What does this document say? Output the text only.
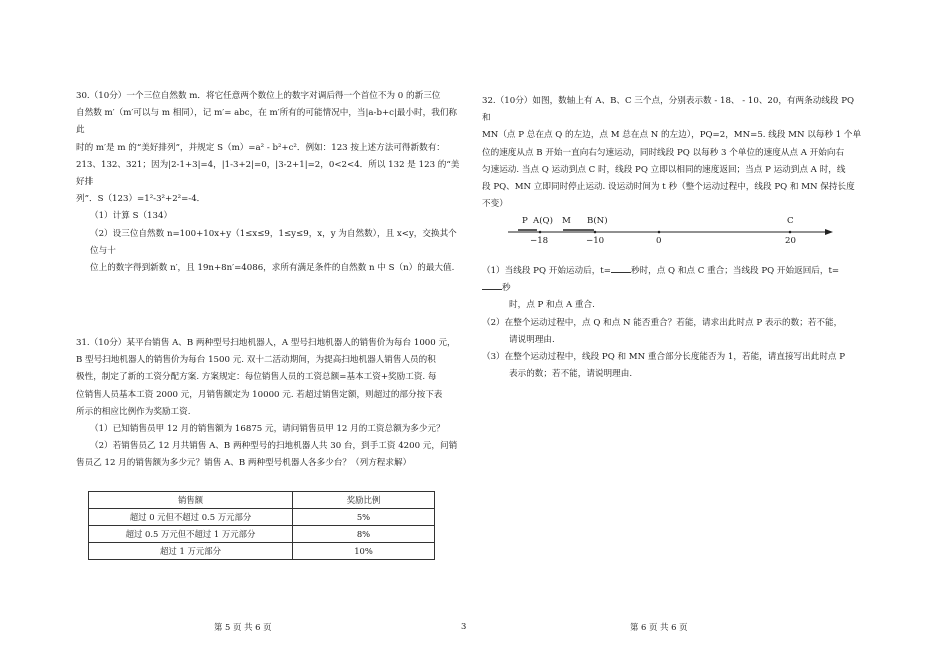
30.（10分）一个三位自然数 m．将它任意两个数位上的数字对调后得一个首位不为 0 的新三位

自然数 m′（m′可以与 m 相同），记 m′= abc，在 m′所有的可能情况中，当|a-b+c|最小时，我们称此

时的 m′是 m 的“美好排列”，并规定 S（m）=a² - b²+c²．例如：123 按上述方法可得新数有：

213、132、321；因为|2-1+3|=4，|1-3+2|=0，|3-2+1|=2，0<2<4．所以 132 是 123 的“美好排

列”．S（123）=1²-3²+2²=-4．

（1）计算 S（134）

（2）设三位自然数 n=100+10x+y（1≤x≤9，1≤y≤9，x，y 为自然数），且 x<y，交换其个位与十

位上的数字得到新数 n′，且 19n+8n′=4086，求所有满足条件的自然数 n 中 S（n）的最大值.

31.（10分）某平台销售 A、B 两种型号扫地机器人，A 型号扫地机器人的销售价为每台 1000 元，

B 型号扫地机器人的销售价为每台 1500 元. 双十二活动期间，为提高扫地机器人销售人员的积

极性，制定了新的工资分配方案. 方案规定：每位销售人员的工资总额=基本工资+奖励工资. 每

位销售人员基本工资 2000 元，月销售额定为 10000 元. 若超过销售定额，则超过的部分按下表

所示的相应比例作为奖励工资.

（1）已知销售员甲 12 月的销售额为 16875 元，请问销售员甲 12 月的工资总额为多少元？

（2）若销售员乙 12 月共销售 A、B 两种型号的扫地机器人共 30 台，到手工资 4200 元，问销

售员乙 12 月的销售额为多少元？销售 A、B 两种型号机器人各多少台？（列方程求解）

销售额	奖励比例
超过 0 元但不超过 0.5 万元部分	5%
超过 0.5 万元但不超过 1 万元部分	8%
超过 1 万元部分	10%
第 5 页 共 6 页	3

32.（10分）如图，数轴上有 A、B、C 三个点，分别表示数 - 18、 - 10、20，有两条动线段 PQ 和

MN（点 P 总在点 Q 的左边，点 M 总在点 N 的左边），PQ=2，MN=5. 线段 MN 以每秒 1 个单

位的速度从点 B 开始一直向右匀速运动，同时线段 PQ 以每秒 3 个单位的速度从点 A 开始向右

匀速运动. 当点 Q 运动到点 C 时，线段 PQ 立即以相同的速度返回；当点 P 运动到点 A 时，线

段 PQ、MN 立即同时停止运动. 设运动时间为 t 秒（整个运动过程中，线段 PQ 和 MN 保持长度

不变）

（1）当线段 PQ 开始运动后，t= 秒时，点 Q 和点 C 重合；当线段 PQ 开始返回后，t=秒

时，点 P 和点 A 重合.

（2）在整个运动过程中，点 Q 和点 N 能否重合？若能，请求出此时点 P 表示的数；若不能，

请说明理由.

（3）在整个运动过程中，线段 PQ 和 MN 重合部分长度能否为 1，若能，请直接写出此时点 P

表示的数；若不能，请说明理由.

第 6 页 共 6 页
P A(Q) M B(N)	C
−18	−10	0	20
